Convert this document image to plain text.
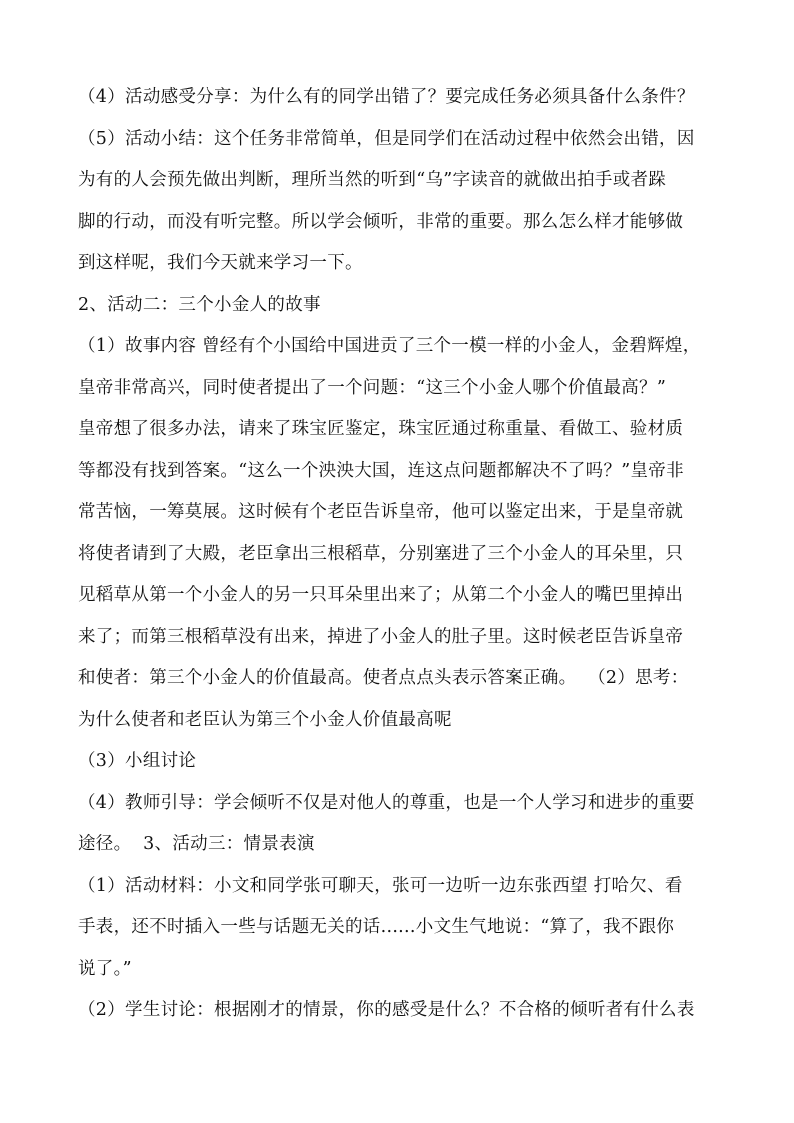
（4）活动感受分享：为什么有的同学出错了？要完成任务必须具备什么条件？
（5）活动小结：这个任务非常简单，但是同学们在活动过程中依然会出错，因
为有的人会预先做出判断，理所当然的听到“乌”字读音的就做出拍手或者跺
脚的行动，而没有听完整。所以学会倾听，非常的重要。那么怎么样才能够做
到这样呢，我们今天就来学习一下。
2、活动二：三个小金人的故事
（1）故事内容 曾经有个小国给中国进贡了三个一模一样的小金人，金碧辉煌，
皇帝非常高兴，同时使者提出了一个问题：“这三个小金人哪个价值最高？”
皇帝想了很多办法，请来了珠宝匠鉴定，珠宝匠通过称重量、看做工、验材质
等都没有找到答案。“这么一个泱泱大国，连这点问题都解决不了吗？”皇帝非
常苦恼，一筹莫展。这时候有个老臣告诉皇帝，他可以鉴定出来，于是皇帝就
将使者请到了大殿，老臣拿出三根稻草，分别塞进了三个小金人的耳朵里，只
见稻草从第一个小金人的另一只耳朵里出来了；从第二个小金人的嘴巴里掉出
来了；而第三根稻草没有出来，掉进了小金人的肚子里。这时候老臣告诉皇帝
和使者：第三个小金人的价值最高。使者点点头表示答案正确。  （2）思考：
为什么使者和老臣认为第三个小金人价值最高呢
（3）小组讨论
（4）教师引导：学会倾听不仅是对他人的尊重，也是一个人学习和进步的重要
途径。  3、活动三：情景表演
（1）活动材料：小文和同学张可聊天，张可一边听一边东张西望 打哈欠、看
手表，还不时插入一些与话题无关的话......小文生气地说：“算了，我不跟你
说了。”
（2）学生讨论：根据刚才的情景，你的感受是什么？不合格的倾听者有什么表
